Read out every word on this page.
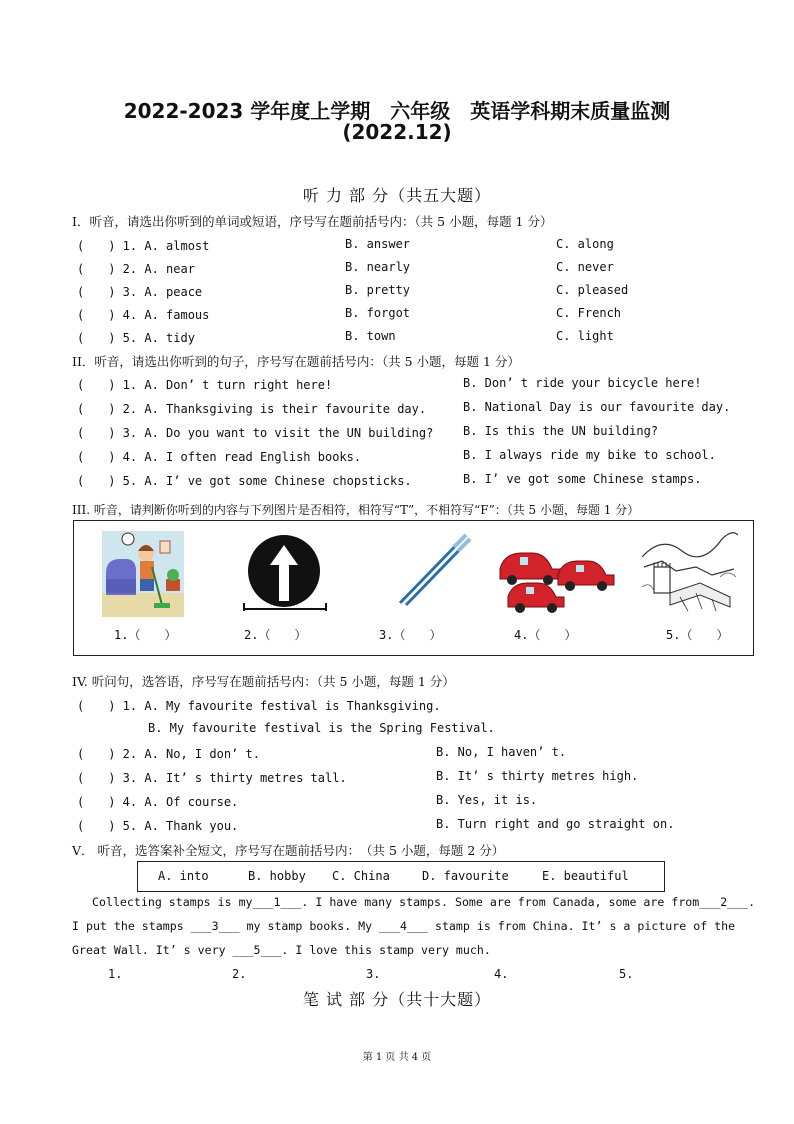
2022-2023 学年度上学期　六年级　英语学科期末质量监测
(2022.12)
听 力 部 分（共五大题）
Ⅰ．听音，请选出你听到的单词或短语，序号写在题前括号内：（共 5 小题，每题 1 分）
(　　) 1. A. almost	B. answer	C. along
(　　) 2. A. near	B. nearly	C. never
(　　) 3. A. peace	B. pretty	C. pleased
(　　) 4. A. famous	B. forgot	C. French
(　　) 5. A. tidy	B. town	C. light
II．听音，请选出你听到的句子，序号写在题前括号内：（共 5 小题，每题 1 分）
(　　) 1. A. Don’ t turn right here!	B. Don’ t ride your bicycle here!
(　　) 2. A. Thanksgiving is their favourite day.	B. National Day is our favourite day.
(　　) 3. A. Do you want to visit the UN building? B. Is this the UN building?
(　　) 4. A. I often read English books.	B. I always ride my bike to school.
(　　) 5. A. I’ ve got some Chinese chopsticks.	B. I’ ve got some Chinese stamps.
III. 听音，请判断你听到的内容与下列图片是否相符，相符写“T”，不相符写“F”：（共 5 小题，每题 1 分）
1.（　　）	2.（　　）	3.（　　）	4.（　　）	5.（　　）
IV. 听问句，选答语，序号写在题前括号内：（共 5 小题，每题 1 分）
(　　) 1. A. My favourite festival is Thanksgiving.
B. My favourite festival is the Spring Festival.
(　　) 2. A. No, I don’ t.	B. No, I haven’ t.
(　　) 3. A. It’ s thirty metres tall.	B. It’ s thirty metres high.
(　　) 4. A. Of course.	B. Yes, it is.
(　　) 5. A. Thank you.	B. Turn right and go straight on.
V． 听音，选答案补全短文，序号写在题前括号内：　（共 5 小题，每题 2 分）
A. into	B. hobby C. China	D. favourite	E. beautiful
Collecting stamps is my___1___. I have many stamps. Some are from Canada, some are from___2___.
I put the stamps ___3___ my stamp books. My ___4___ stamp is from China. It’ s a picture of the
Great Wall. It’ s very ___5___. I love this stamp very much.
1.	2.	3.	4.	5.
笔 试 部 分（共十大题）
第 1 页 共 4 页
